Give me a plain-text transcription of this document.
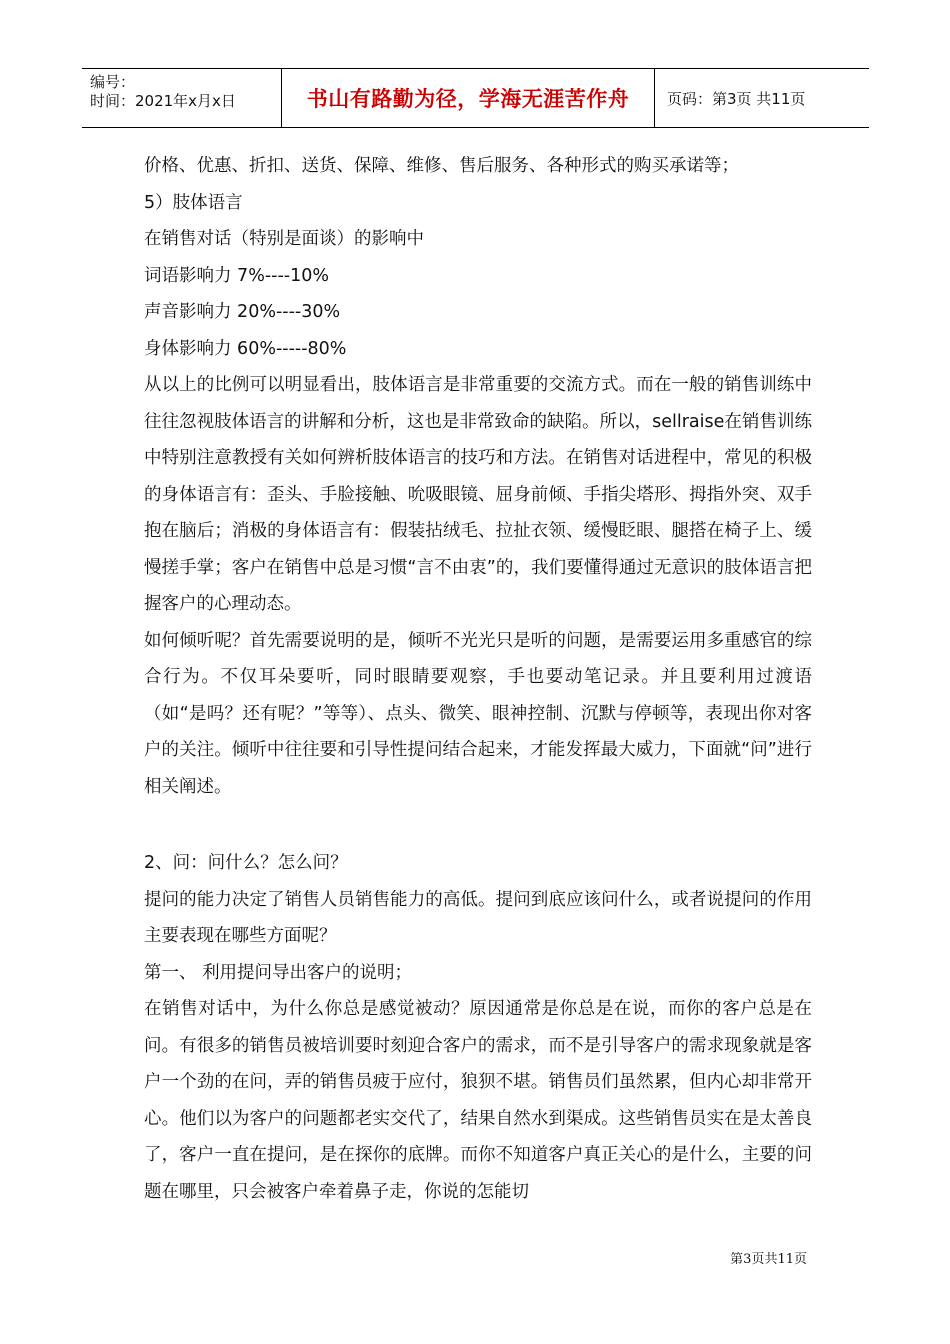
编号：
时间：2021年x月x日	书山有路勤为径，学海无涯苦作舟	页码：第3页 共11页

价格、优惠、折扣、送货、保障、维修、售后服务、各种形式的购买承诺等；

5）肢体语言

在销售对话（特别是面谈）的影响中

词语影响力 7%----10%

声音影响力 20%----30%

身体影响力 60%-----80%

从以上的比例可以明显看出，肢体语言是非常重要的交流方式。而在一般的销售训练中往往忽视肢体语言的讲解和分析，这也是非常致命的缺陷。所以，sellraise在销售训练中特别注意教授有关如何辨析肢体语言的技巧和方法。在销售对话进程中，常见的积极的身体语言有：歪头、手脸接触、吮吸眼镜、屈身前倾、手指尖塔形、拇指外突、双手抱在脑后；消极的身体语言有：假装拈绒毛、拉扯衣领、缓慢眨眼、腿搭在椅子上、缓慢搓手掌；客户在销售中总是习惯“言不由衷”的，我们要懂得通过无意识的肢体语言把握客户的心理动态。

如何倾听呢？首先需要说明的是，倾听不光光只是听的问题，是需要运用多重感官的综合行为。不仅耳朵要听，同时眼睛要观察，手也要动笔记录。并且要利用过渡语（如“是吗？还有呢？”等等）、点头、微笑、眼神控制、沉默与停顿等，表现出你对客户的关注。倾听中往往要和引导性提问结合起来，才能发挥最大威力，下面就“问”进行相关阐述。

2、问：问什么？怎么问？

提问的能力决定了销售人员销售能力的高低。提问到底应该问什么，或者说提问的作用主要表现在哪些方面呢？

第一、 利用提问导出客户的说明；

在销售对话中，为什么你总是感觉被动？原因通常是你总是在说，而你的客户总是在问。有很多的销售员被培训要时刻迎合客户的需求，而不是引导客户的需求现象就是客户一个劲的在问，弄的销售员疲于应付，狼狈不堪。销售员们虽然累，但内心却非常开心。他们以为客户的问题都老实交代了，结果自然水到渠成。这些销售员实在是太善良了，客户一直在提问，是在探你的底牌。而你不知道客户真正关心的是什么，主要的问题在哪里，只会被客户牵着鼻子走，你说的怎能切

第3页共11页
